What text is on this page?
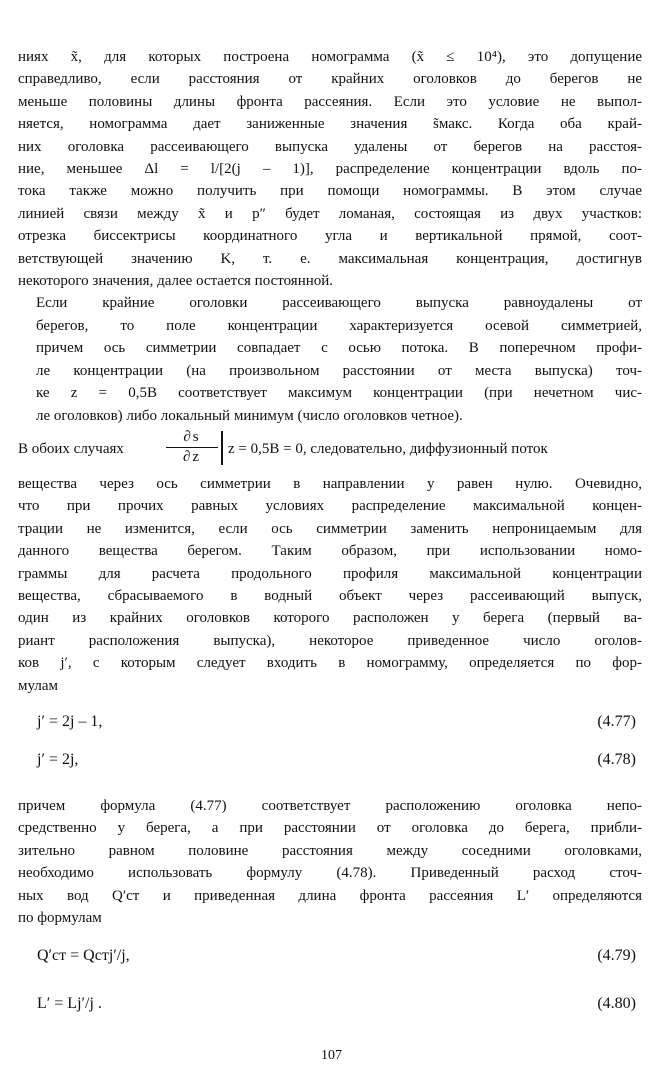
ниях x̃, для которых построена номограмма (x̃ ≤ 10⁴), это допущение
справедливо, если расстояния от крайних оголовков до берегов не
меньше половины длины фронта рассеяния. Если это условие не выпол-
няется, номограмма дает заниженные значения s̃макс. Когда оба край-
них оголовка рассеивающего выпуска удалены от берегов на расстоя-
ние, меньшее Δl = l/[2(j – 1)], распределение концентрации вдоль по-
тока также можно получить при помощи номограммы. В этом случае
линией связи между x̃ и p″ будет ломаная, состоящая из двух участков:
отрезка биссектрисы координатного угла и вертикальной прямой, соот-
ветствующей значению K, т. е. максимальная концентрация, достигнув
некоторого значения, далее остается постоянной.
Если крайние оголовки рассеивающего выпуска равноудалены от
берегов, то поле концентрации характеризуется осевой симметрией,
причем ось симметрии совпадает с осью потока. В поперечном профи-
ле концентрации (на произвольном расстоянии от места выпуска) точ-
ке z = 0,5B соответствует максимум концентрации (при нечетном чис-
ле оголовков) либо локальный минимум (число оголовков четное).
В обоих случаях	$\frac{\partial s}{\partial z}$ z = 0,5B = 0, следовательно, диффузионный поток
вещества через ось симметрии в направлении y равен нулю. Очевидно,
что при прочих равных условиях распределение максимальной концен-
трации не изменится, если ось симметрии заменить непроницаемым для
данного вещества берегом. Таким образом, при использовании номо-
граммы для расчета продольного профиля максимальной концентрации
вещества, сбрасываемого в водный объект через рассеивающий выпуск,
один из крайних оголовков которого расположен у берега (первый ва-
риант расположения выпуска), некоторое приведенное число оголов-
ков j′, с которым следует входить в номограмму, определяется по фор-
мулам
j′ = 2j – 1,	(4.77)
j′ = 2j,	(4.78)
причем формула (4.77) соответствует расположению оголовка непо-
средственно у берега, а при расстоянии от оголовка до берега, прибли-
зительно равном половине расстояния между соседними оголовками,
необходимо использовать формулу (4.78). Приведенный расход сточ-
ных вод Q′ст и приведенная длина фронта рассеяния L′ определяются
по формулам
Q′ст = Qстj′/j,	(4.79)
L′ = Lj′/j .	(4.80)
107
